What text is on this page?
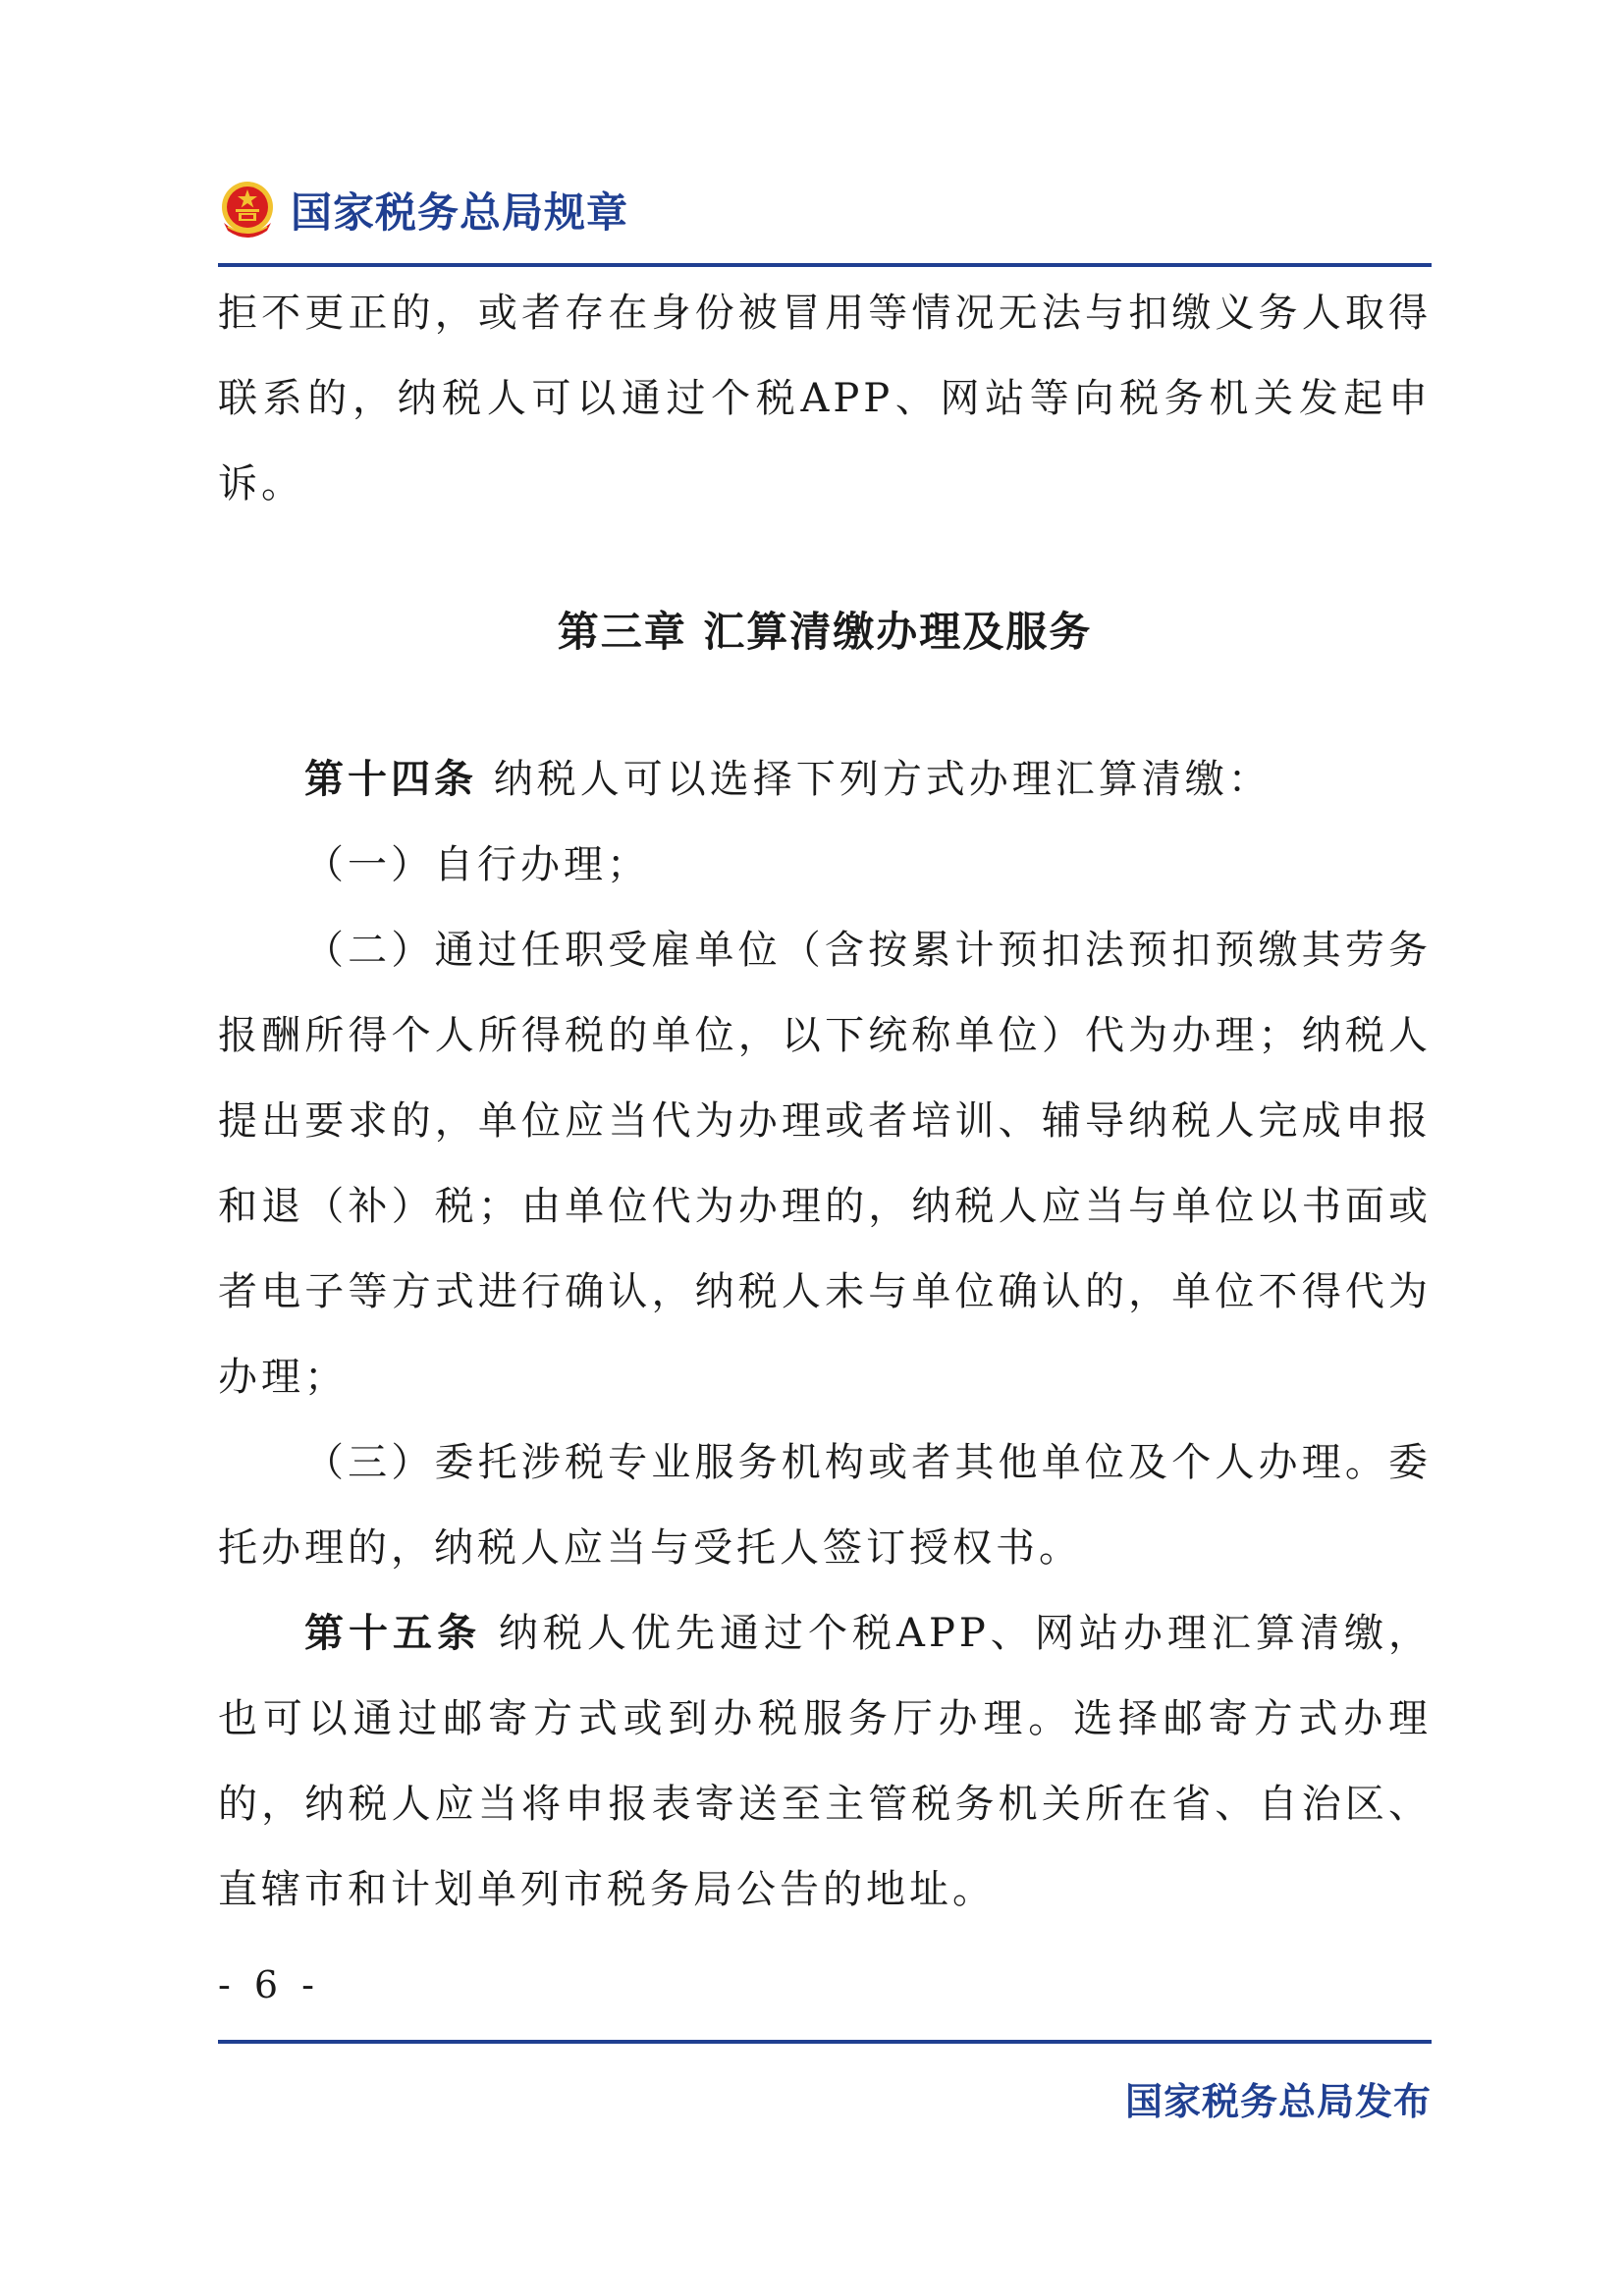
国家税务总局规章

拒不更正的，或者存在身份被冒用等情况无法与扣缴义务人取得联系的，纳税人可以通过个税APP、网站等向税务机关发起申诉。

第三章 汇算清缴办理及服务

第十四条 纳税人可以选择下列方式办理汇算清缴：

（一）自行办理；

（二）通过任职受雇单位（含按累计预扣法预扣预缴其劳务报酬所得个人所得税的单位，以下统称单位）代为办理；纳税人提出要求的，单位应当代为办理或者培训、辅导纳税人完成申报和退（补）税；由单位代为办理的，纳税人应当与单位以书面或者电子等方式进行确认，纳税人未与单位确认的，单位不得代为办理；

（三）委托涉税专业服务机构或者其他单位及个人办理。委托办理的，纳税人应当与受托人签订授权书。

第十五条 纳税人优先通过个税APP、网站办理汇算清缴，也可以通过邮寄方式或到办税服务厅办理。选择邮寄方式办理的，纳税人应当将申报表寄送至主管税务机关所在省、自治区、直辖市和计划单列市税务局公告的地址。

- 6 -
国家税务总局发布
